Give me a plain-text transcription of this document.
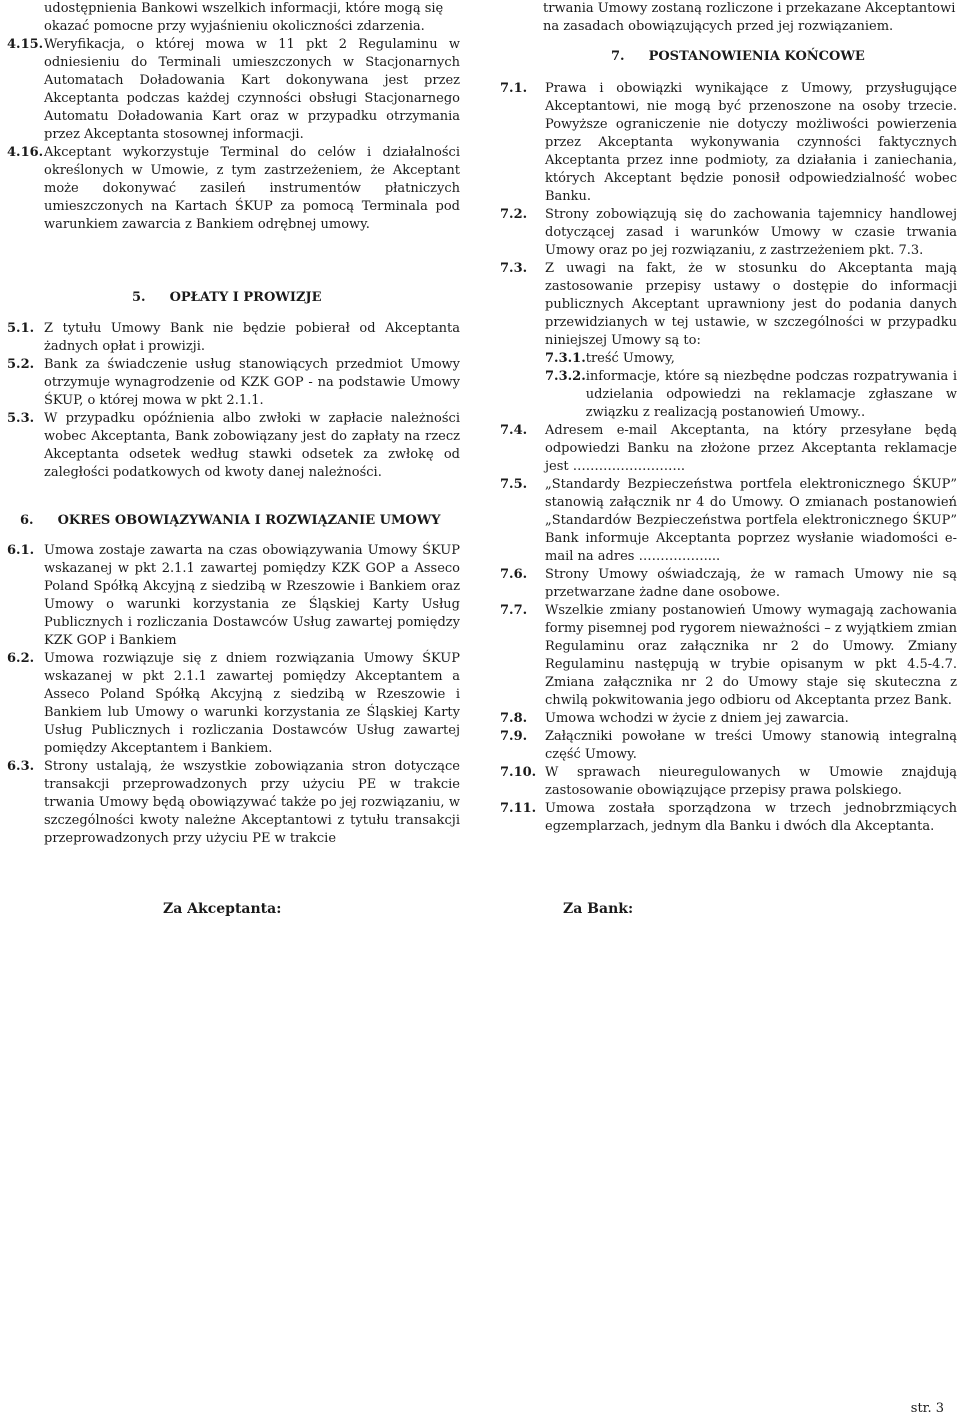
udostępnienia Bankowi wszelkich informacji, które mogą się
okazać pomocne przy wyjaśnieniu okoliczności zdarzenia.
4.15. Weryfikacja, o której mowa w 11 pkt 2 Regulaminu w odniesieniu do Terminali umieszczonych w Stacjonarnych Automatach Doładowania Kart dokonywana jest przez Akceptanta podczas każdej czynności obsługi Stacjonarnego Automatu Doładowania Kart oraz w przypadku otrzymania przez Akceptanta stosownej informacji.
4.16. Akceptant wykorzystuje Terminal do celów i działalności określonych w Umowie, z tym zastrzeżeniem, że Akceptant może dokonywać zasileń instrumentów płatniczych umieszczonych na Kartach ŚKUP za pomocą Terminala pod warunkiem zawarcia z Bankiem odrębnej umowy.
5. OPŁATY I PROWIZJE
5.1. Z tytułu Umowy Bank nie będzie pobierał od Akceptanta żadnych opłat i prowizji.
5.2. Bank za świadczenie usług stanowiących przedmiot Umowy otrzymuje wynagrodzenie od KZK GOP - na podstawie Umowy ŚKUP, o której mowa w pkt 2.1.1.
5.3. W przypadku opóźnienia albo zwłoki w zapłacie należności wobec Akceptanta, Bank zobowiązany jest do zapłaty na rzecz Akceptanta odsetek według stawki odsetek za zwłokę od zaległości podatkowych od kwoty danej należności.
6. OKRES OBOWIĄZYWANIA I ROZWIĄZANIE UMOWY
6.1. Umowa zostaje zawarta na czas obowiązywania Umowy ŚKUP wskazanej w pkt 2.1.1 zawartej pomiędzy KZK GOP a Asseco Poland Spółką Akcyjną z siedzibą w Rzeszowie i Bankiem oraz Umowy o warunki korzystania ze Śląskiej Karty Usług Publicznych i rozliczania Dostawców Usług zawartej pomiędzy KZK GOP i Bankiem
6.2. Umowa rozwiązuje się z dniem rozwiązania Umowy ŚKUP wskazanej w pkt 2.1.1 zawartej pomiędzy Akceptantem a Asseco Poland Spółką Akcyjną z siedzibą w Rzeszowie i Bankiem lub Umowy o warunki korzystania ze Śląskiej Karty Usług Publicznych i rozliczania Dostawców Usług zawartej pomiędzy Akceptantem i Bankiem.
6.3. Strony ustalają, że wszystkie zobowiązania stron dotyczące transakcji przeprowadzonych przy użyciu PE w trakcie trwania Umowy będą obowiązywać także po jej rozwiązaniu, w szczególności kwoty należne Akceptantowi z tytułu transakcji przeprowadzonych przy użyciu PE w trakcie
trwania Umowy zostaną rozliczone i przekazane Akceptantowi
na zasadach obowiązujących przed jej rozwiązaniem.
7. POSTANOWIENIA KOŃCOWE
7.1.	Prawa i obowiązki wynikające z Umowy, przysługujące Akceptantowi, nie mogą być przenoszone na osoby trzecie. Powyższe ograniczenie nie dotyczy możliwości powierzenia przez Akceptanta wykonywania czynności faktycznych Akceptanta przez inne podmioty, za działania i zaniechania, których Akceptant będzie ponosił odpowiedzialność wobec Banku.
7.2.	Strony zobowiązują się do zachowania tajemnicy handlowej dotyczącej zasad i warunków Umowy w czasie trwania Umowy oraz po jej rozwiązaniu, z zastrzeżeniem pkt. 7.3.
7.3.	Z uwagi na fakt, że w stosunku do Akceptanta mają zastosowanie przepisy ustawy o dostępie do informacji publicznych Akceptant uprawniony jest do podania danych przewidzianych w tej ustawie, w szczególności w przypadku niniejszej Umowy są to:
7.3.1. treść Umowy,
7.3.2. informacje, które są niezbędne podczas rozpatrywania i udzielania odpowiedzi na reklamacje zgłaszane w związku z realizacją postanowień Umowy..
7.4.	Adresem e-mail Akceptanta, na który przesyłane będą odpowiedzi Banku na złożone przez Akceptanta reklamacje jest ……………………..
7.5.	„Standardy Bezpieczeństwa portfela elektronicznego ŚKUP” stanowią załącznik nr 4 do Umowy. O zmianach postanowień „Standardów Bezpieczeństwa portfela elektronicznego ŚKUP” Bank informuje Akceptanta poprzez wysłanie wiadomości e-mail na adres ……………....
7.6.	Strony Umowy oświadczają, że w ramach Umowy nie są przetwarzane żadne dane osobowe.
7.7.	Wszelkie zmiany postanowień Umowy wymagają zachowania formy pisemnej pod rygorem nieważności – z wyjątkiem zmian Regulaminu oraz załącznika nr 2 do Umowy. Zmiany Regulaminu następują w trybie opisanym w pkt 4.5-4.7. Zmiana załącznika nr 2 do Umowy staje się skuteczna z chwilą pokwitowania jego odbioru od Akceptanta przez Bank.
7.8.	Umowa wchodzi w życie z dniem jej zawarcia.
7.9.	Załączniki powołane w treści Umowy stanowią integralną część Umowy.
7.10. W sprawach nieuregulowanych w Umowie znajdują zastosowanie obowiązujące przepisy prawa polskiego.
7.11. Umowa została sporządzona w trzech jednobrzmiących egzemplarzach, jednym dla Banku i dwóch dla Akceptanta.
Za Akceptanta:	Za Bank:
str. 3
